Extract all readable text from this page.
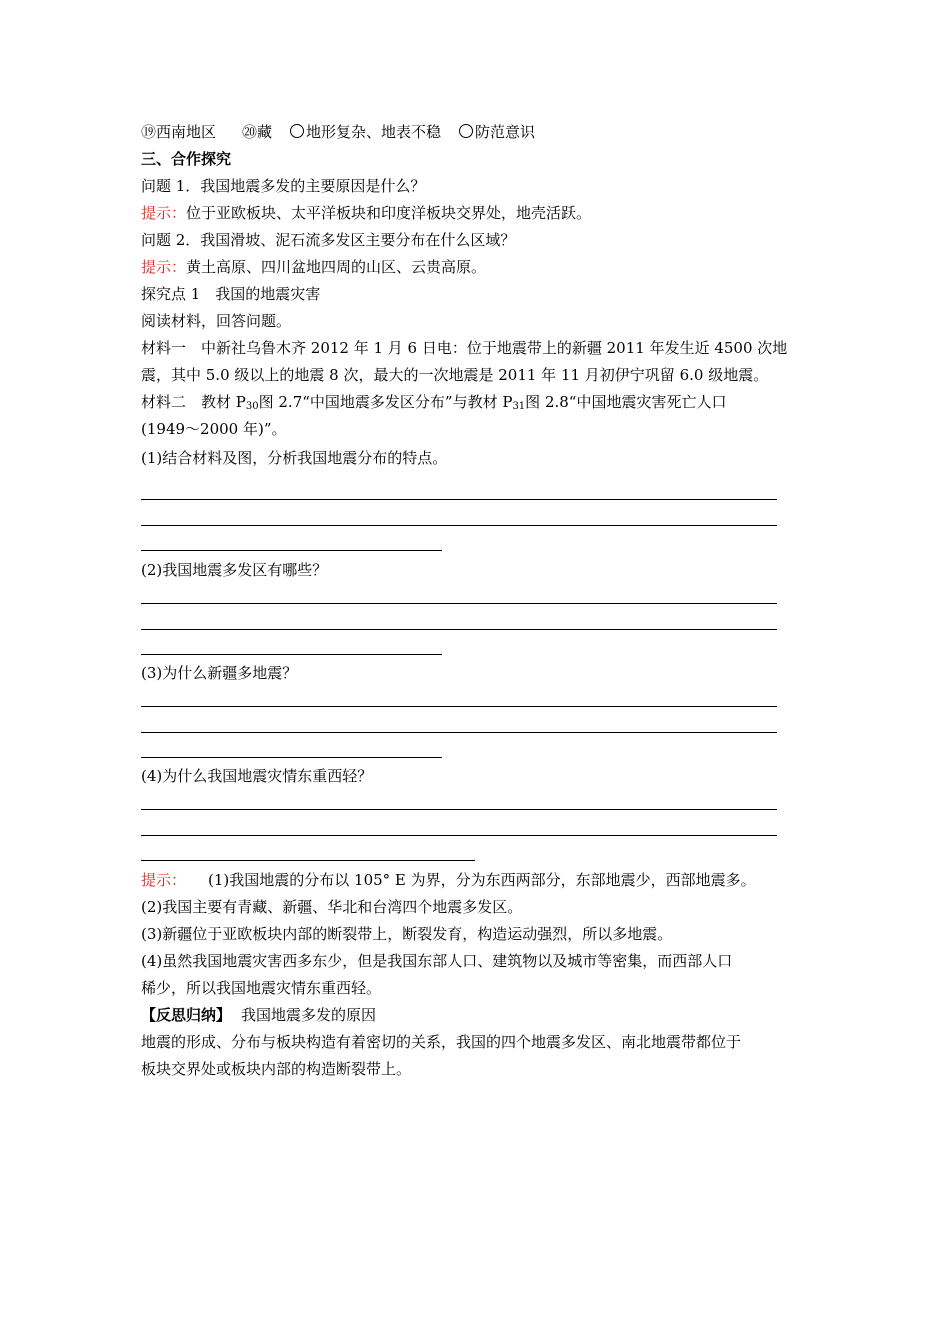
⑲西南地区 ⑳藏 地形复杂、地表不稳 防范意识
三、合作探究
问题 1．我国地震多发的主要原因是什么？
提示：位于亚欧板块、太平洋板块和印度洋板块交界处，地壳活跃。
问题 2．我国滑坡、泥石流多发区主要分布在什么区域？
提示：黄土高原、四川盆地四周的山区、云贵高原。
探究点 1　我国的地震灾害
阅读材料，回答问题。
材料一　中新社乌鲁木齐 2012 年 1 月 6 日电：位于地震带上的新疆 2011 年发生近 4500 次地
震，其中 5.0 级以上的地震 8 次，最大的一次地震是 2011 年 11 月初伊宁巩留 6.0 级地震。
材料二　教材 $P_{30}$图 2.7“中国地震多发区分布”与教材 $P_{31}$图 2.8“中国地震灾害死亡人口
(1949～2000 年)”。
(1)结合材料及图，分析我国地震分布的特点。
(2)我国地震多发区有哪些？
(3)为什么新疆多地震？
(4)为什么我国地震灾情东重西轻？
提示： (1)我国地震的分布以 105° E 为界，分为东西两部分，东部地震少，西部地震多。
(2)我国主要有青藏、新疆、华北和台湾四个地震多发区。
(3)新疆位于亚欧板块内部的断裂带上，断裂发育，构造运动强烈，所以多地震。
(4)虽然我国地震灾害西多东少，但是我国东部人口、建筑物以及城市等密集，而西部人口
稀少，所以我国地震灾情东重西轻。
【反思归纳】 我国地震多发的原因
地震的形成、分布与板块构造有着密切的关系，我国的四个地震多发区、南北地震带都位于
板块交界处或板块内部的构造断裂带上。
